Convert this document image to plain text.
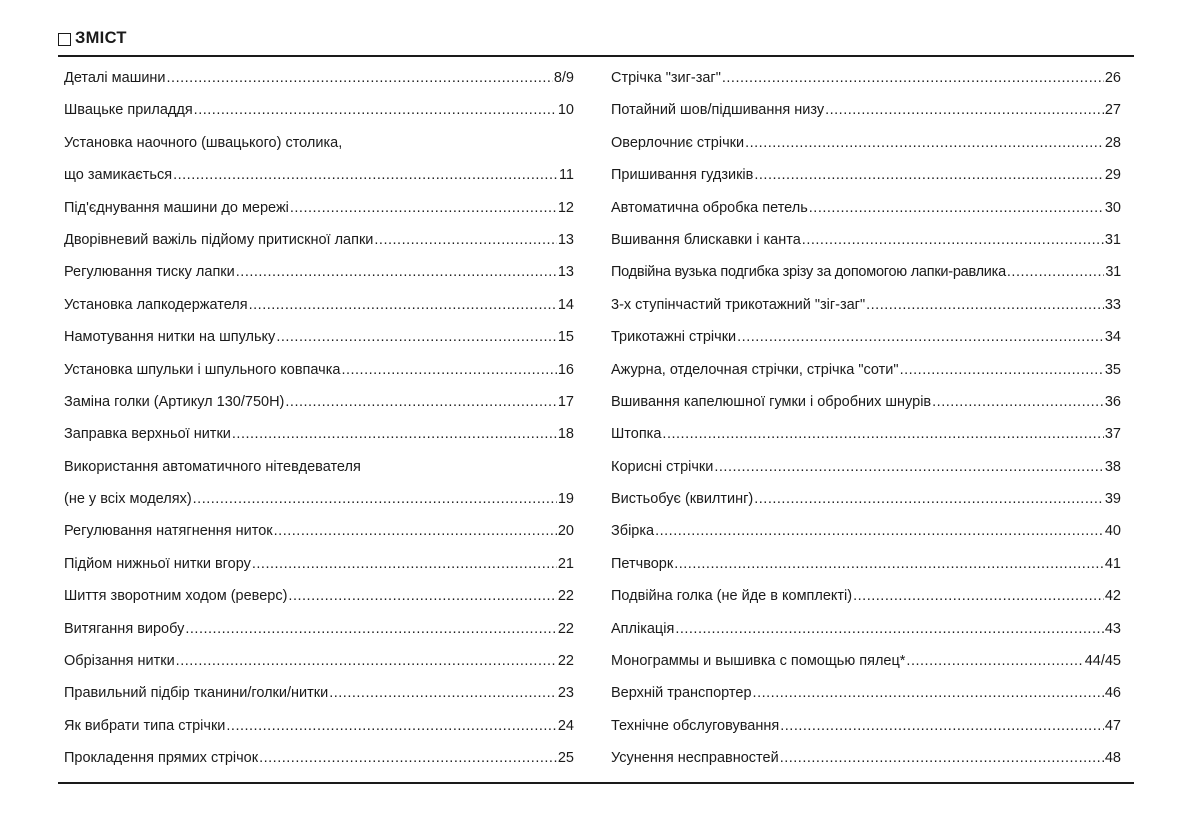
ЗМІСТ
Деталі машини .....	8/9
Швацьке приладдя .....	10
Установка наочного (швацького) столика,
що замикається .....	11
Під'єднування машини до мережі .....	12
Дворівневий важіль підйому притискної лапки .....	13
Регулювання тиску лапки .....	13
Установка лапкодержателя .....	14
Намотування нитки на шпульку .....	15
Установка шпульки і шпульного ковпачка .....	16
Заміна голки (Артикул 130/750H) .....	17
Заправка верхньої нитки .....	18
Використання автоматичного нітевдевателя
(не у всіх моделях) .....	19
Регулювання натягнення ниток .....	20
Підйом нижньої нитки вгору .....	21
Шиття зворотним ходом (реверс) .....	22
Витягання виробу .....	22
Обрізання нитки .....	22
Правильний підбір тканини/голки/нитки .....	23
Як вибрати типа стрічки .....	24
Прокладення прямих стрічок .....	25
Стрічка "зиг-заг" .....	26
Потайний шов/підшивання низу .....	27
Оверлочниє стрічки .....	28
Пришивання гудзиків .....	29
Автоматична обробка петель .....	30
Вшивання блискавки і канта .....	31
Подвійна вузька подгибка зрізу за допомогою лапки-равлика .....	31
3-х ступінчастий трикотажний "зіг-заг" .....	33
Трикотажні стрічки .....	34
Ажурна, отделочная стрічки, стрічка "соти" .....	35
Вшивання капелюшної гумки і обробних шнурів .....	36
Штопка .....	37
Корисні стрічки .....	38
Вистьобує (квилтинг) .....	39
Збірка .....	40
Петчворк .....	41
Подвійна голка (не йде в комплекті) .....	42
Аплікація .....	43
Монограммы и вышивка с помощью пялец* .....	44/45
Верхній транспортер .....	46
Технічне обслуговування .....	47
Усунення несправностей .....	48
